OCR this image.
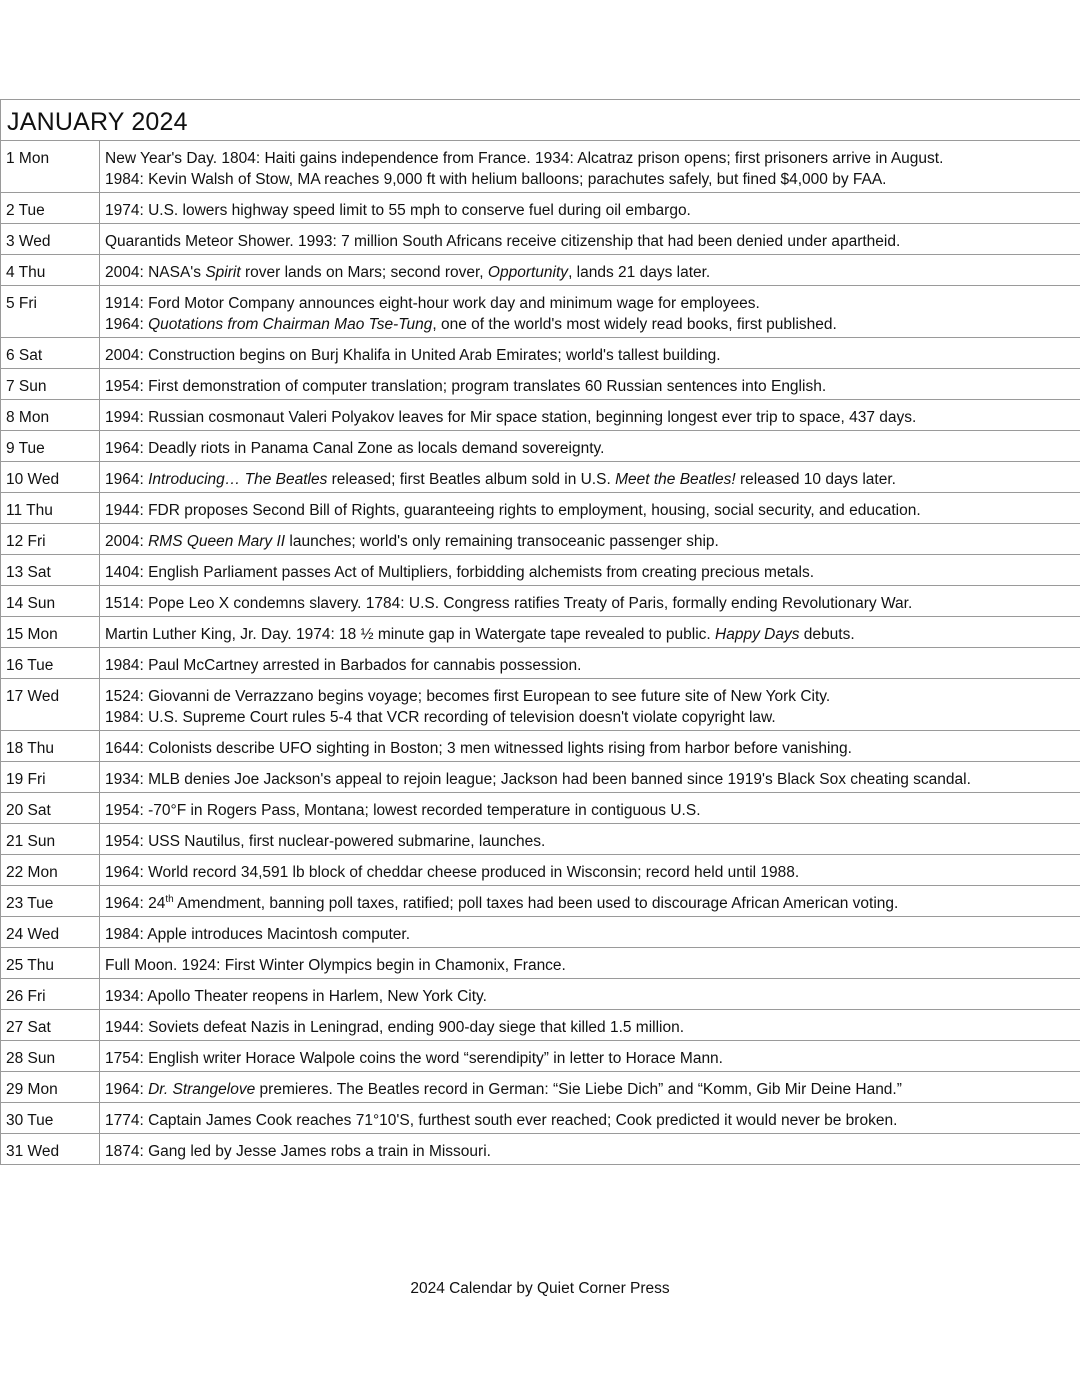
JANUARY 2024
1 Mon	New Year's Day. 1804: Haiti gains independence from France. 1934: Alcatraz prison opens; first prisoners arrive in August.
1984: Kevin Walsh of Stow, MA reaches 9,000 ft with helium balloons; parachutes safely, but fined $4,000 by FAA.
2 Tue	1974: U.S. lowers highway speed limit to 55 mph to conserve fuel during oil embargo.
3 Wed	Quarantids Meteor Shower. 1993: 7 million South Africans receive citizenship that had been denied under apartheid.
4 Thu	2004: NASA's Spirit rover lands on Mars; second rover, Opportunity, lands 21 days later.
5 Fri	1914: Ford Motor Company announces eight-hour work day and minimum wage for employees.
1964: Quotations from Chairman Mao Tse-Tung, one of the world's most widely read books, first published.
6 Sat	2004: Construction begins on Burj Khalifa in United Arab Emirates; world's tallest building.
7 Sun	1954: First demonstration of computer translation; program translates 60 Russian sentences into English.
8 Mon	1994: Russian cosmonaut Valeri Polyakov leaves for Mir space station, beginning longest ever trip to space, 437 days.
9 Tue	1964: Deadly riots in Panama Canal Zone as locals demand sovereignty.
10 Wed	1964: Introducing… The Beatles released; first Beatles album sold in U.S. Meet the Beatles! released 10 days later.
11 Thu	1944: FDR proposes Second Bill of Rights, guaranteeing rights to employment, housing, social security, and education.
12 Fri	2004: RMS Queen Mary II launches; world's only remaining transoceanic passenger ship.
13 Sat	1404: English Parliament passes Act of Multipliers, forbidding alchemists from creating precious metals.
14 Sun	1514: Pope Leo X condemns slavery. 1784: U.S. Congress ratifies Treaty of Paris, formally ending Revolutionary War.
15 Mon	Martin Luther King, Jr. Day. 1974: 18 ½ minute gap in Watergate tape revealed to public. Happy Days debuts.
16 Tue	1984: Paul McCartney arrested in Barbados for cannabis possession.
17 Wed	1524: Giovanni de Verrazzano begins voyage; becomes first European to see future site of New York City.
1984: U.S. Supreme Court rules 5-4 that VCR recording of television doesn't violate copyright law.
18 Thu	1644: Colonists describe UFO sighting in Boston; 3 men witnessed lights rising from harbor before vanishing.
19 Fri	1934: MLB denies Joe Jackson's appeal to rejoin league; Jackson had been banned since 1919's Black Sox cheating scandal.
20 Sat	1954: -70°F in Rogers Pass, Montana; lowest recorded temperature in contiguous U.S.
21 Sun	1954: USS Nautilus, first nuclear-powered submarine, launches.
22 Mon	1964: World record 34,591 lb block of cheddar cheese produced in Wisconsin; record held until 1988.
23 Tue	1964: 24th Amendment, banning poll taxes, ratified; poll taxes had been used to discourage African American voting.
24 Wed	1984: Apple introduces Macintosh computer.
25 Thu	Full Moon. 1924: First Winter Olympics begin in Chamonix, France.
26 Fri	1934: Apollo Theater reopens in Harlem, New York City.
27 Sat	1944: Soviets defeat Nazis in Leningrad, ending 900-day siege that killed 1.5 million.
28 Sun	1754: English writer Horace Walpole coins the word “serendipity” in letter to Horace Mann.
29 Mon	1964: Dr. Strangelove premieres. The Beatles record in German: “Sie Liebe Dich” and “Komm, Gib Mir Deine Hand.”
30 Tue	1774: Captain James Cook reaches 71°10'S, furthest south ever reached; Cook predicted it would never be broken.
31 Wed	1874: Gang led by Jesse James robs a train in Missouri.
2024 Calendar by Quiet Corner Press
